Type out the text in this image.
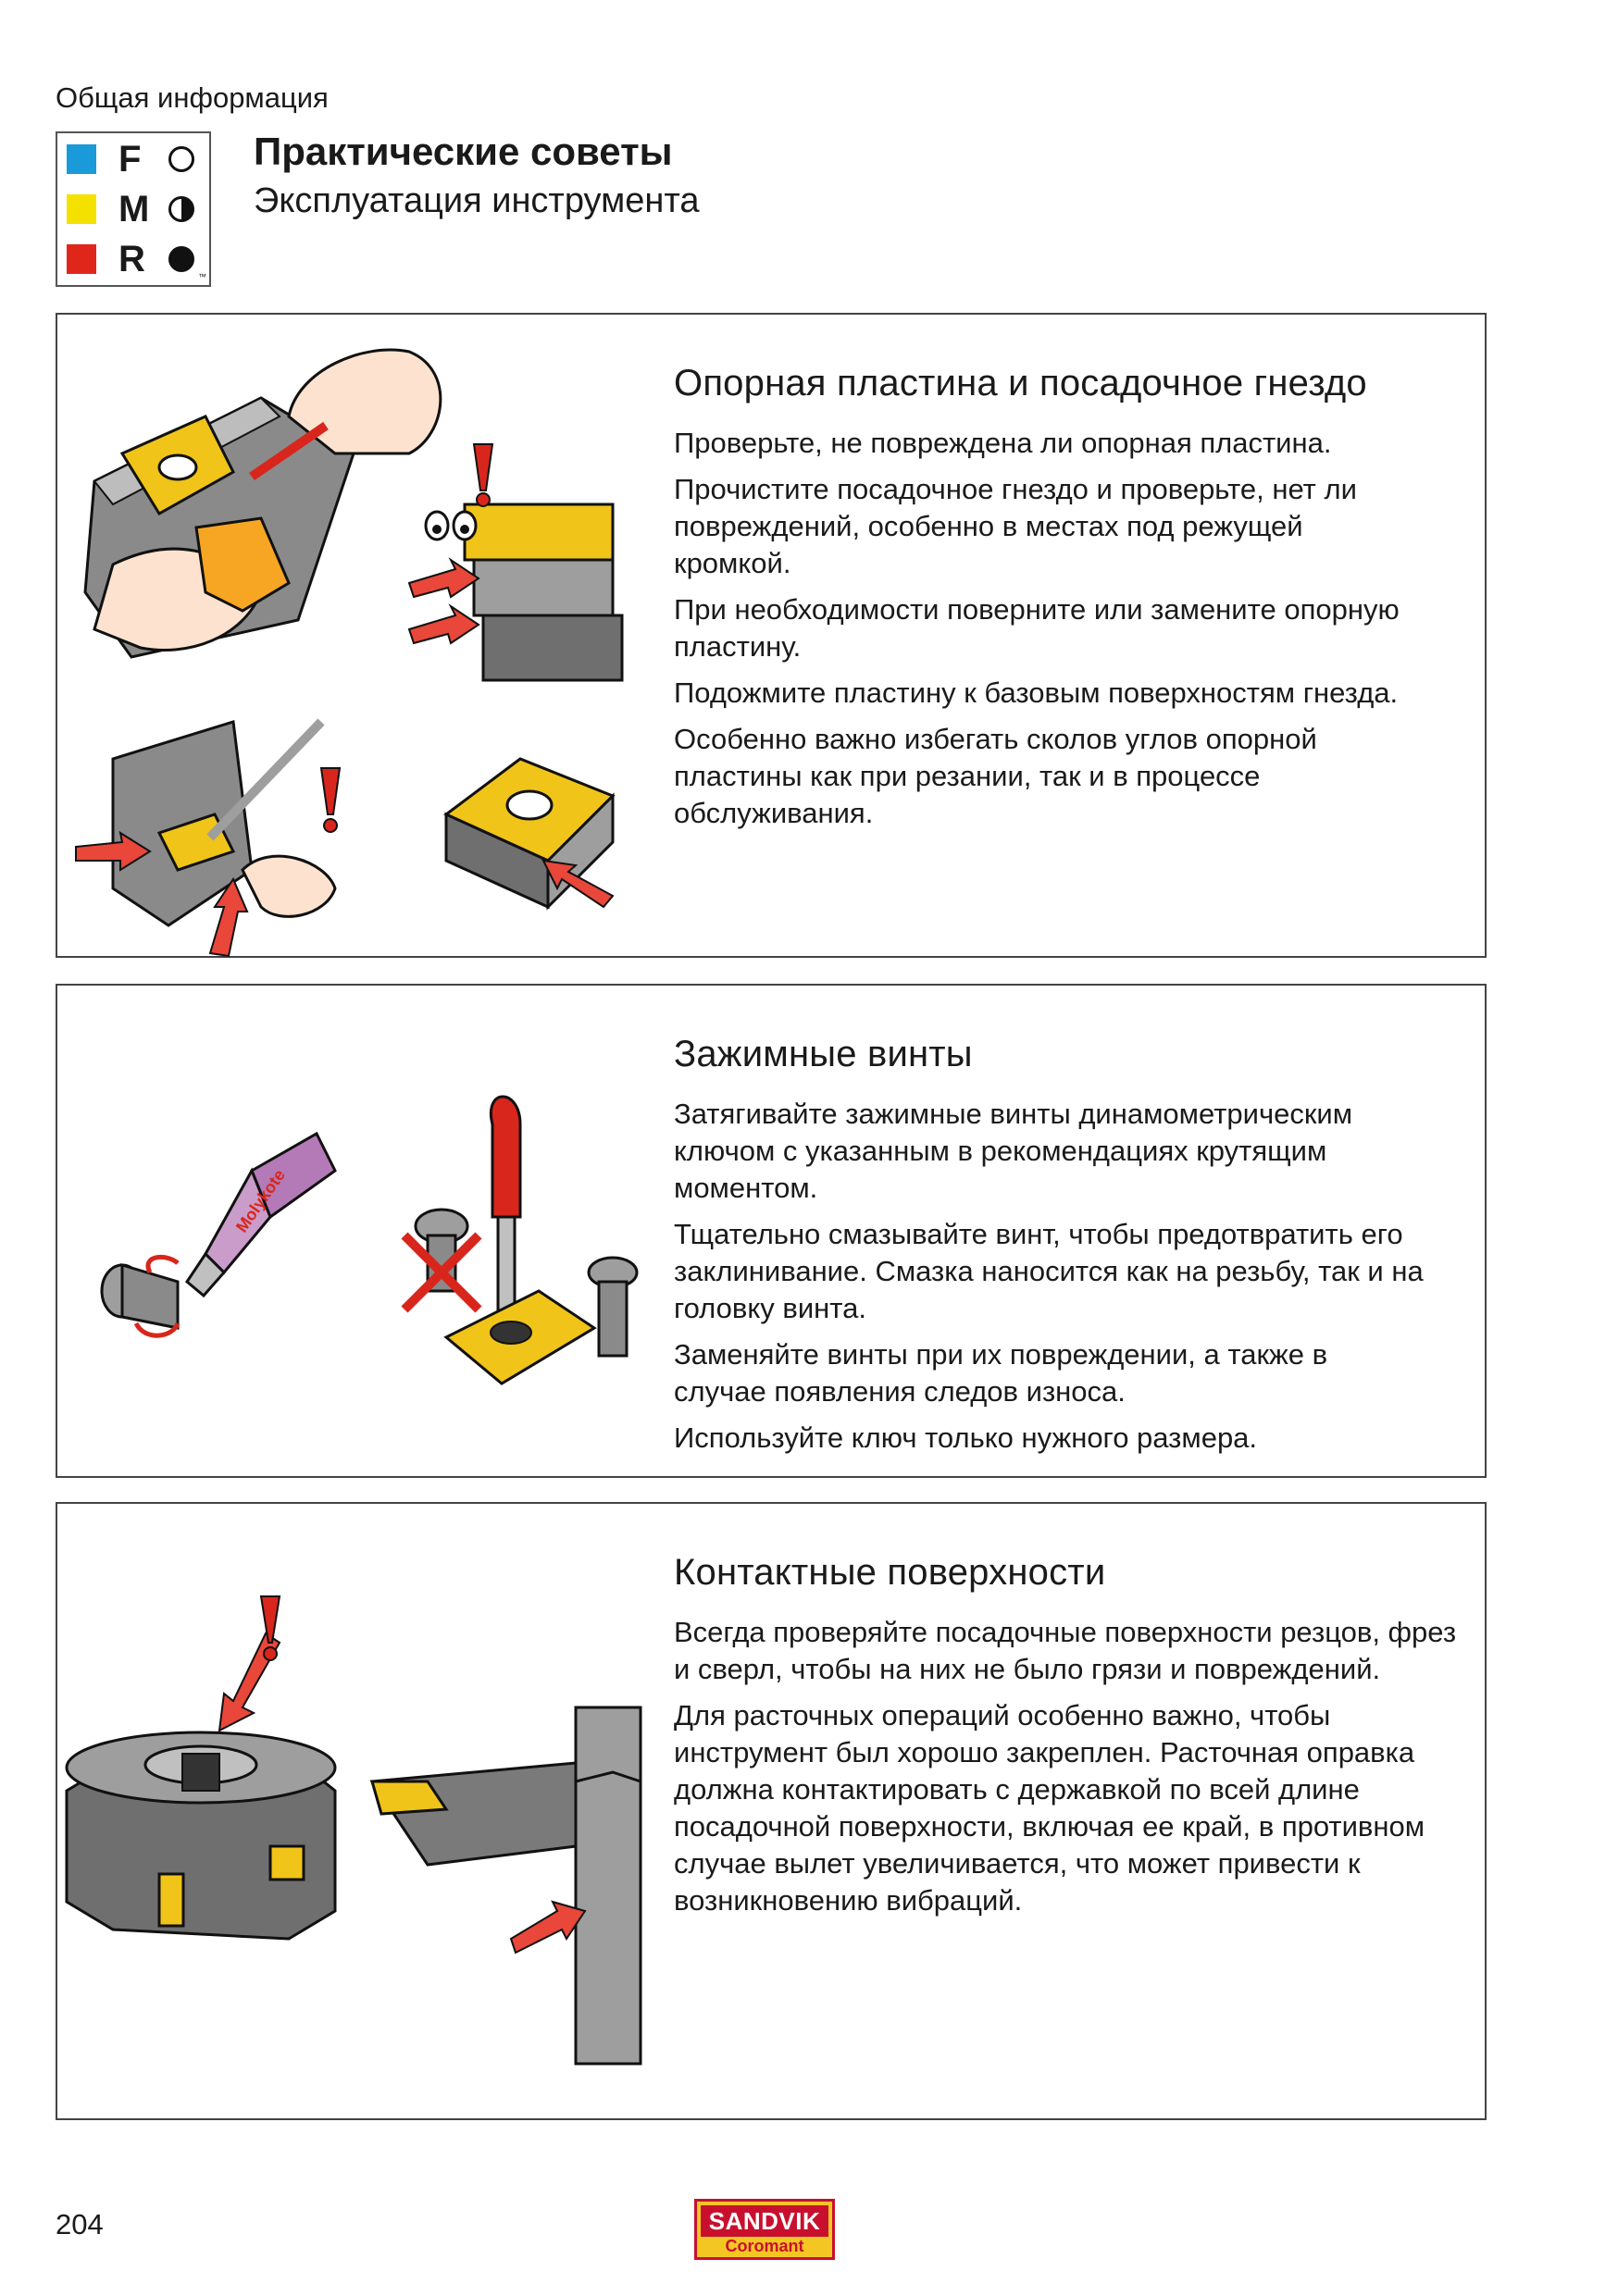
Общая информация
F
M
R	™
Практические советы
Эксплуатация инструмента
Опорная пластина и посадочное гнездо

Проверьте, не повреждена ли опорная пластина.

Прочистите посадочное гнездо и проверьте, нет ли повреждений, особенно в местах под режущей кромкой.

При необходимости поверните или замените опорную пластину.

Подожмите пластину к базовым поверхностям гнезда.

Особенно важно избегать сколов углов опорной пластины как при резании, так и в процессе обслуживания.

Molykote
Зажимные винты

Затягивайте зажимные винты динамометрическим ключом с указанным в рекомендациях крутящим моментом.

Тщательно смазывайте винт, чтобы предотвратить его заклинивание. Смазка наносится как на резьбу, так и на головку винта.

Заменяйте винты при их повреждении, а также в случае появления следов износа.

Используйте ключ только нужного размера.

Контактные поверхности

Всегда проверяйте посадочные поверхности резцов, фрез и сверл, чтобы на них не было грязи и повреждений.

Для расточных операций особенно важно, чтобы инструмент был хорошо закреплен. Расточная оправка должна контактировать с державкой по всей длине посадочной поверхности, включая ее край, в противном случае вылет увеличивается, что может привести к возникновению вибраций.

204	SANDVIK
Coromant
